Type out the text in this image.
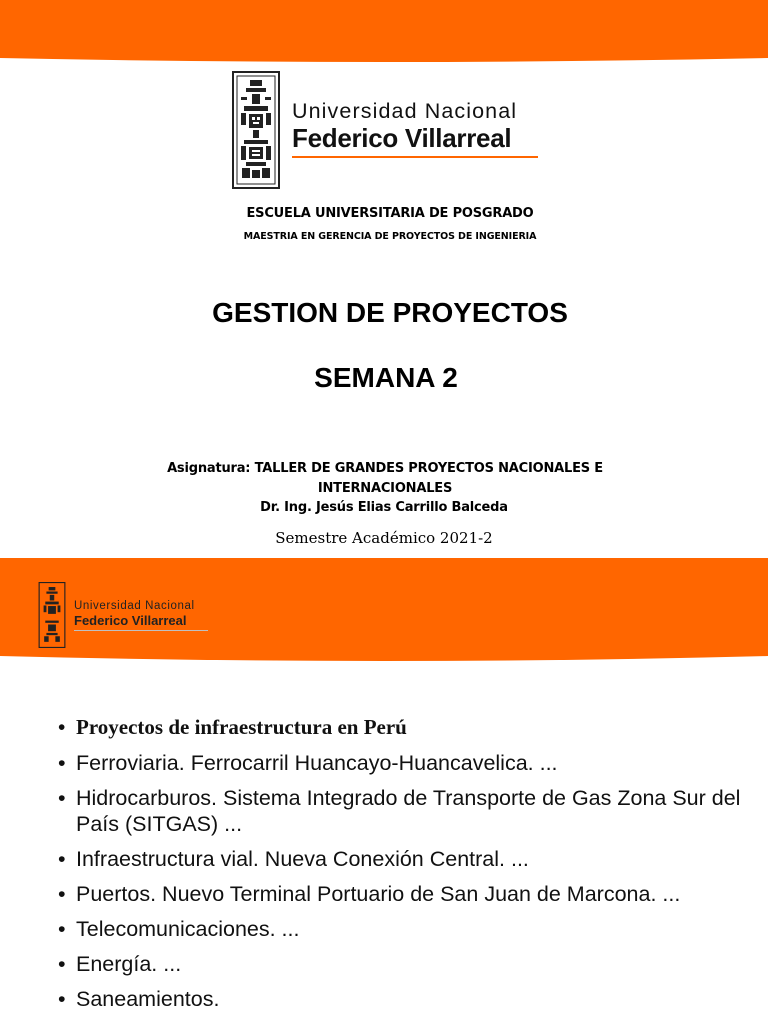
Universidad Nacional
Federico Villarreal
ESCUELA UNIVERSITARIA DE POSGRADO
MAESTRIA EN GERENCIA DE PROYECTOS DE INGENIERIA
GESTION DE PROYECTOS
SEMANA 2
Asignatura: TALLER DE GRANDES PROYECTOS NACIONALES E INTERNACIONALES
Dr. Ing. Jesús Elias Carrillo Balceda
Semestre Académico 2021-2
Universidad Nacional
Federico Villarreal
• Proyectos de infraestructura en Perú
• Ferroviaria. Ferrocarril Huancayo-Huancavelica. ...
• Hidrocarburos. Sistema Integrado de Transporte de Gas Zona Sur del País (SITGAS) ...
• Infraestructura vial. Nueva Conexión Central. ...
• Puertos. Nuevo Terminal Portuario de San Juan de Marcona. ...
• Telecomunicaciones. ...
• Energía. ...
• Saneamientos.
